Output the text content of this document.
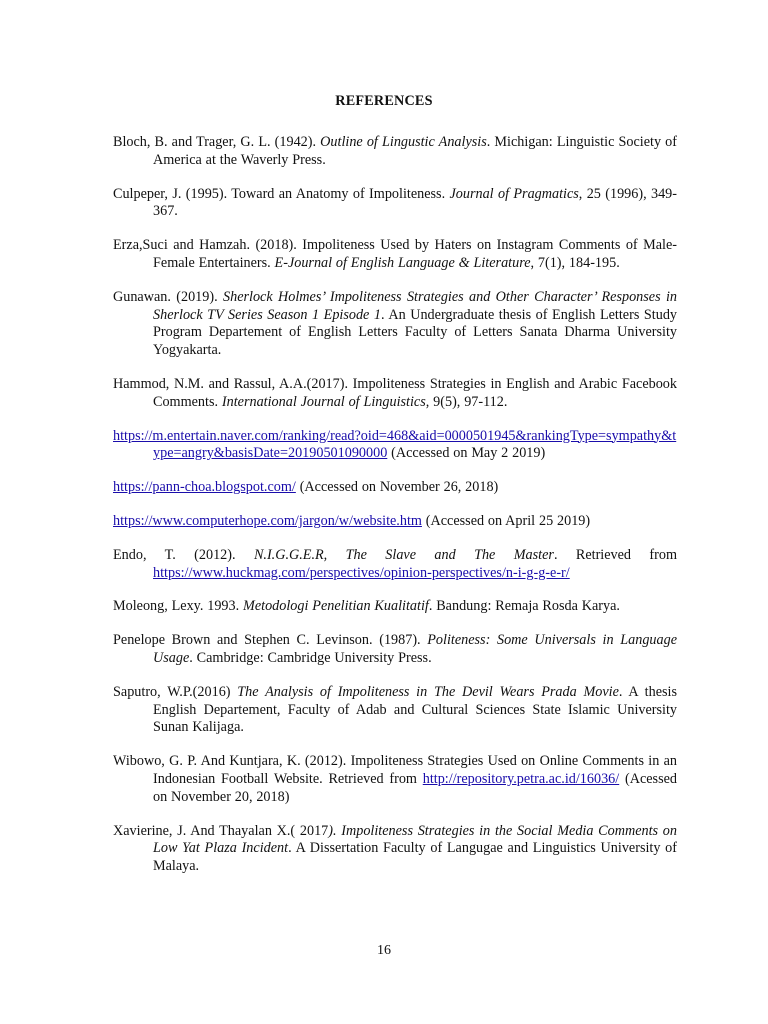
REFERENCES

Bloch, B. and Trager, G. L. (1942). Outline of Lingustic Analysis. Michigan: Linguistic Society of America at the Waverly Press.

Culpeper, J. (1995). Toward an Anatomy of Impoliteness. Journal of Pragmatics, 25 (1996), 349-367.

Erza,Suci and Hamzah. (2018). Impoliteness Used by Haters on Instagram Comments of Male-Female Entertainers. E-Journal of English Language & Literature, 7(1), 184-195.

Gunawan. (2019). Sherlock Holmes’ Impoliteness Strategies and Other Character’ Responses in Sherlock TV Series Season 1 Episode 1. An Undergraduate thesis of English Letters Study Program Departement of English Letters Faculty of Letters Sanata Dharma University Yogyakarta.

Hammod, N.M. and Rassul, A.A.(2017). Impoliteness Strategies in English and Arabic Facebook Comments. International Journal of Linguistics, 9(5), 97-112.

https://m.entertain.naver.com/ranking/read?oid=468&aid=0000501945&rankingType=sympathy&type=angry&basisDate=20190501090000 (Accessed on May 2 2019)

https://pann-choa.blogspot.com/ (Accessed on November 26, 2018)

https://www.computerhope.com/jargon/w/website.htm (Accessed on April 25 2019)

Endo, T. (2012). N.I.G.G.E.R, The Slave and The Master. Retrieved from https://www.huckmag.com/perspectives/opinion-perspectives/n-i-g-g-e-r/

Moleong, Lexy. 1993. Metodologi Penelitian Kualitatif. Bandung: Remaja Rosda Karya.

Penelope Brown and Stephen C. Levinson. (1987). Politeness: Some Universals in Language Usage. Cambridge: Cambridge University Press.

Saputro, W.P.(2016) The Analysis of Impoliteness in The Devil Wears Prada Movie. A thesis English Departement, Faculty of Adab and Cultural Sciences State Islamic University Sunan Kalijaga.

Wibowo, G. P. And Kuntjara, K. (2012). Impoliteness Strategies Used on Online Comments in an Indonesian Football Website. Retrieved from http://repository.petra.ac.id/16036/ (Acessed on November 20, 2018)

Xavierine, J. And Thayalan X.( 2017). Impoliteness Strategies in the Social Media Comments on Low Yat Plaza Incident. A Dissertation Faculty of Langugae and Linguistics University of Malaya.

16
